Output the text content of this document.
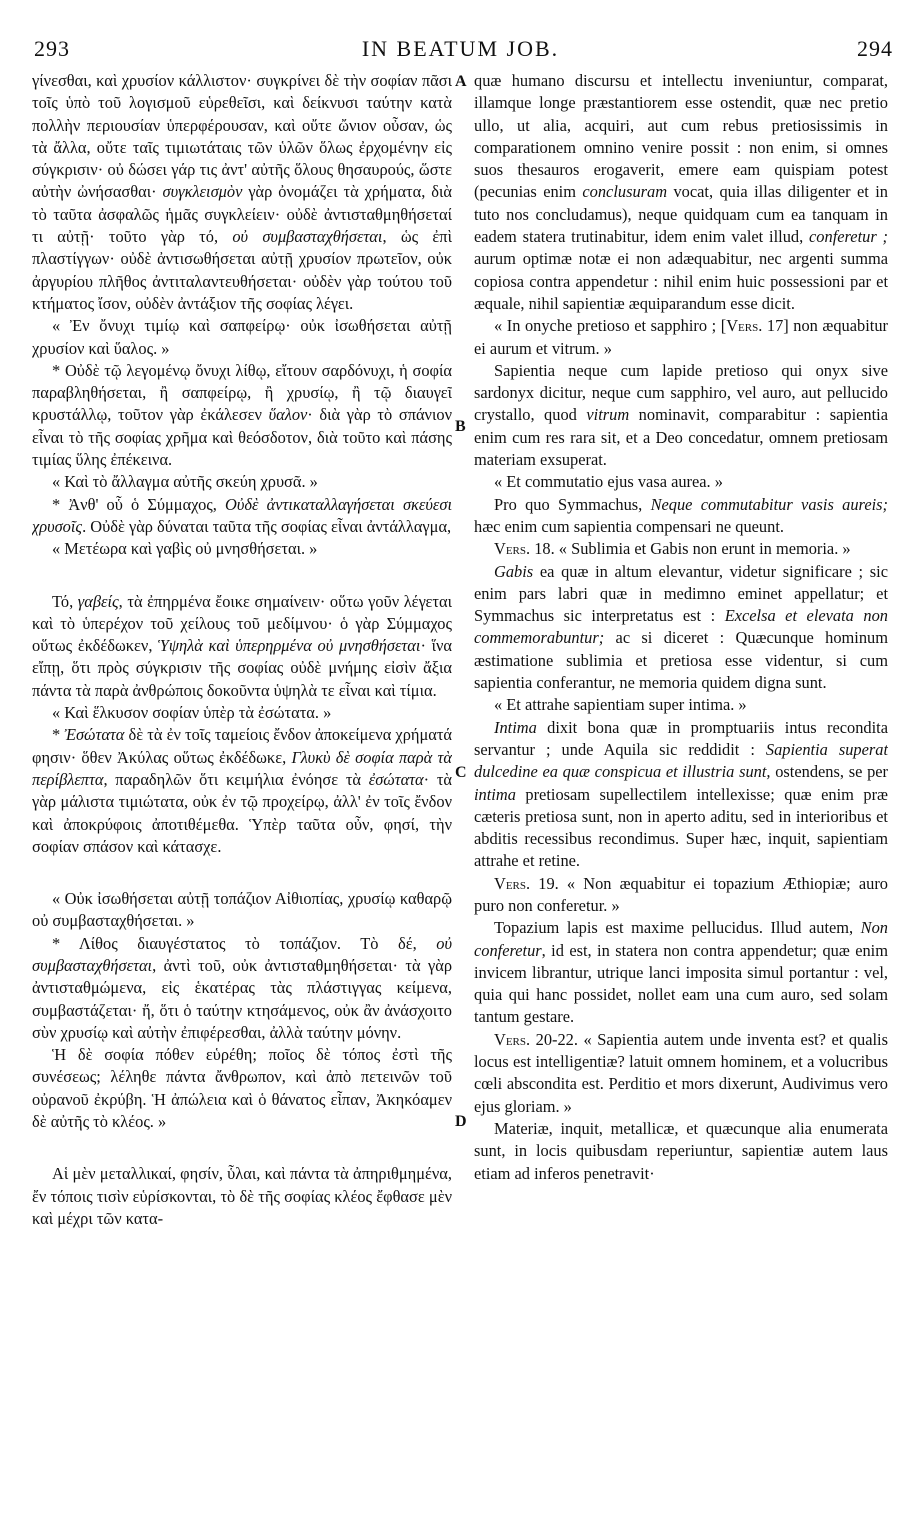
293	IN BEATUM JOB.	294
A
B
C
D

γίνεσθαι, καὶ χρυσίον κάλλιστον· συγκρίνει δὲ τὴν σοφίαν πᾶσι τοῖς ὑπὸ τοῦ λογισμοῦ εὑρεθεῖσι, καὶ δείκνυσι ταύτην κατὰ πολλὴν περιουσίαν ὑπερφέρουσαν, καὶ οὔτε ὤνιον οὖσαν, ὡς τὰ ἄλλα, οὔτε ταῖς τιμιωτάταις τῶν ὑλῶν ὅλως ἐρχομένην εἰς σύγκρισιν· οὐ δώσει γάρ τις ἀντ' αὐτῆς ὅλους θησαυρούς, ὥστε αὐτὴν ὠνήσασθαι· συγκλεισμὸν γὰρ ὀνομάζει τὰ χρήματα, διὰ τὸ ταῦτα ἀσφαλῶς ἡμᾶς συγκλείειν· οὐδὲ ἀντισταθμηθήσεταί τι αὐτῇ· τοῦτο γὰρ τό, οὐ συμβασταχθήσεται, ὡς ἐπὶ πλαστίγγων· οὐδὲ ἀντισωθήσεται αὐτῇ χρυσίον πρωτεῖον, οὐκ ἀργυρίου πλῆθος ἀντιταλαντευθήσεται· οὐδὲν γὰρ τούτου τοῦ κτήματος ἴσον, οὐδὲν ἀντάξιον τῆς σοφίας λέγει.

« Ἐν ὄνυχι τιμίῳ καὶ σαπφείρῳ· οὐκ ἰσωθήσεται αὐτῇ χρυσίον καὶ ὕαλος. »

* Οὐδὲ τῷ λεγομένῳ ὄνυχι λίθῳ, εἴτουν σαρδόνυχι, ἡ σοφία παραβληθήσεται, ἢ σαπφείρῳ, ἢ χρυσίῳ, ἢ τῷ διαυγεῖ κρυστάλλῳ, τοῦτον γὰρ ἐκάλεσεν ὕαλον· διὰ γὰρ τὸ σπάνιον εἶναι τὸ τῆς σοφίας χρῆμα καὶ θεόσδοτον, διὰ τοῦτο καὶ πάσης τιμίας ὕλης ἐπέκεινα.

« Καὶ τὸ ἄλλαγμα αὐτῆς σκεύη χρυσᾶ. »

* Ἀνθ' οὗ ὁ Σύμμαχος, Οὐδὲ ἀντικαταλλαγήσεται σκεύεσι χρυσοῖς. Οὐδὲ γὰρ δύναται ταῦτα τῆς σοφίας εἶναι ἀντάλλαγμα,

« Μετέωρα καὶ γαβὶς οὐ μνησθήσεται. »

Τό, γαβείς, τὰ ἐπηρμένα ἔοικε σημαίνειν· οὕτω γοῦν λέγεται καὶ τὸ ὑπερέχον τοῦ χείλους τοῦ μεδίμνου· ὁ γὰρ Σύμμαχος οὕτως ἐκδέδωκεν, Ὑψηλὰ καὶ ὑπερηρμένα οὐ μνησθήσεται· ἵνα εἴπῃ, ὅτι πρὸς σύγκρισιν τῆς σοφίας οὐδὲ μνήμης εἰσὶν ἄξια πάντα τὰ παρὰ ἀνθρώποις δοκοῦντα ὑψηλὰ τε εἶναι καὶ τίμια.

« Καὶ ἕλκυσον σοφίαν ὑπὲρ τὰ ἐσώτατα. »

* Ἐσώτατα δὲ τὰ ἐν τοῖς ταμείοις ἔνδον ἀποκείμενα χρήματά φησιν· ὅθεν Ἀκύλας οὕτως ἐκδέδωκε, Γλυκὺ δὲ σοφία παρὰ τὰ περίβλεπτα, παραδηλῶν ὅτι κειμήλια ἐνόησε τὰ ἐσώτατα· τὰ γὰρ μάλιστα τιμιώτατα, οὐκ ἐν τῷ προχείρῳ, ἀλλ' ἐν τοῖς ἔνδον καὶ ἀποκρύφοις ἀποτιθέμεθα. Ὑπὲρ ταῦτα οὖν, φησί, τὴν σοφίαν σπάσον καὶ κάτασχε.

« Οὐκ ἰσωθήσεται αὐτῇ τοπάζιον Αἰθιοπίας, χρυσίῳ καθαρῷ οὐ συμβασταχθήσεται. »

* Λίθος διαυγέστατος τὸ τοπάζιον. Τὸ δέ, οὐ συμβασταχθήσεται, ἀντὶ τοῦ, οὐκ ἀντισταθμηθήσεται· τὰ γὰρ ἀντισταθμώμενα, εἰς ἑκατέρας τὰς πλάστιγγας κείμενα, συμβαστάζεται· ἤ, ὅτι ὁ ταύτην κτησάμενος, οὐκ ἂν ἀνάσχοιτο σὺν χρυσίῳ καὶ αὐτὴν ἐπιφέρεσθαι, ἀλλὰ ταύτην μόνην.

Ἡ δὲ σοφία πόθεν εὑρέθη; ποῖος δὲ τόπος ἐστὶ τῆς συνέσεως; λέληθε πάντα ἄνθρωπον, καὶ ἀπὸ πετεινῶν τοῦ οὐρανοῦ ἐκρύβη. Ἡ ἀπώλεια καὶ ὁ θάνατος εἶπαν, Ἀκηκόαμεν δὲ αὐτῆς τὸ κλέος. »

Αἱ μὲν μεταλλικαί, φησίν, ὗλαι, καὶ πάντα τὰ ἀπηριθμημένα, ἔν τόποις τισὶν εὑρίσκονται, τὸ δὲ τῆς σοφίας κλέος ἔφθασε μὲν καὶ μέχρι τῶν κατα-

quæ humano discursu et intellectu inveniuntur, comparat, illamque longe præstantiorem esse ostendit, quæ nec pretio ullo, ut alia, acquiri, aut cum rebus pretiosissimis in comparationem omnino venire possit : non enim, si omnes suos thesauros erogaverit, emere eam quispiam potest (pecunias enim conclusuram vocat, quia illas diligenter et in tuto nos concludamus), neque quidquam cum ea tanquam in eadem statera trutinabitur, idem enim valet illud, conferetur ; aurum optimæ notæ ei non adæquabitur, nec argenti summa copiosa contra appendetur : nihil enim huic possessioni par et æquale, nihil sapientiæ æquiparandum esse dicit.

« In onyche pretioso et sapphiro ; [Vers. 17] non æquabitur ei aurum et vitrum. »

Sapientia neque cum lapide pretioso qui onyx sive sardonyx dicitur, neque cum sapphiro, vel auro, aut pellucido crystallo, quod vitrum nominavit, comparabitur : sapientia enim cum res rara sit, et a Deo concedatur, omnem pretiosam materiam exsuperat.

« Et commutatio ejus vasa aurea. »

Pro quo Symmachus, Neque commutabitur vasis aureis; hæc enim cum sapientia compensari ne queunt.

Vers. 18. « Sublimia et Gabis non erunt in memoria. »

Gabis ea quæ in altum elevantur, videtur significare ; sic enim pars labri quæ in medimno eminet appellatur; et Symmachus sic interpretatus est : Excelsa et elevata non commemorabuntur; ac si diceret : Quæcunque hominum æstimatione sublimia et pretiosa esse videntur, si cum sapientia conferantur, ne memoria quidem digna sunt.

« Et attrahe sapientiam super intima. »

Intima dixit bona quæ in promptuariis intus recondita servantur ; unde Aquila sic reddidit : Sapientia superat dulcedine ea quæ conspicua et illustria sunt, ostendens, se per intima pretiosam supellectilem intellexisse; quæ enim præ cæteris pretiosa sunt, non in aperto aditu, sed in interioribus et abditis recessibus recondimus. Super hæc, inquit, sapientiam attrahe et retine.

Vers. 19. « Non æquabitur ei topazium Æthiopiæ; auro puro non conferetur. »

Topazium lapis est maxime pellucidus. Illud autem, Non conferetur, id est, in statera non contra appendetur; quæ enim invicem librantur, utrique lanci imposita simul portantur : vel, quia qui hanc possidet, nollet eam una cum auro, sed solam tantum gestare.

Vers. 20-22. « Sapientia autem unde inventa est? et qualis locus est intelligentiæ? latuit omnem hominem, et a volucribus cœli abscondita est. Perditio et mors dixerunt, Audivimus vero ejus gloriam. »

Materiæ, inquit, metallicæ, et quæcunque alia enumerata sunt, in locis quibusdam reperiuntur, sapientiæ autem laus etiam ad inferos penetravit·
